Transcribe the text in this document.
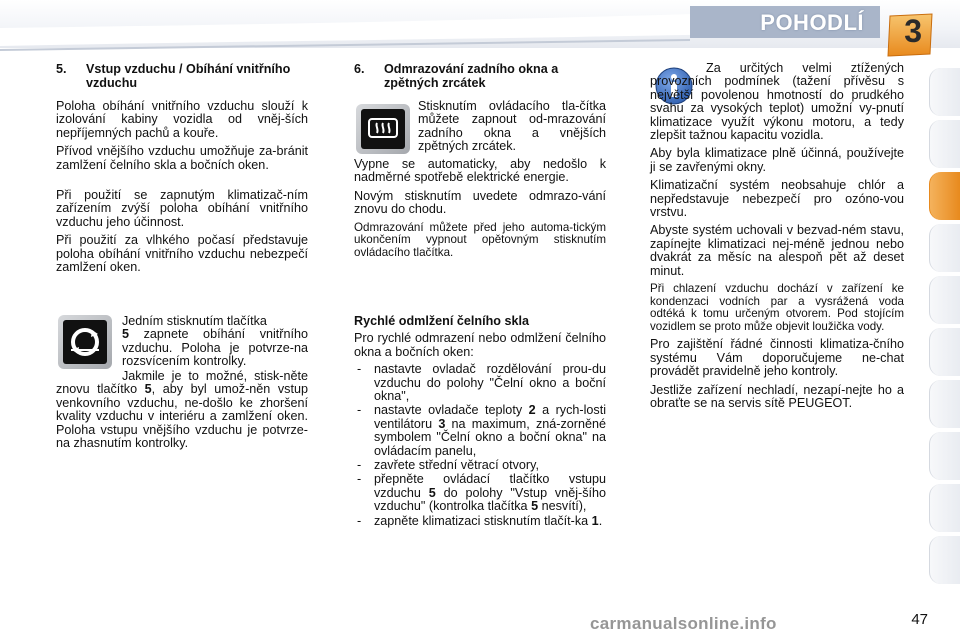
POHODLÍ 3
5.	Vstup vzduchu / Obíhání vnitřního vzduchu

Poloha obíhání vnitřního vzduchu slouží k izolování kabiny vozidla od vněj-ších nepříjemných pachů a kouře.

Přívod vnějšího vzduchu umožňuje za-bránit zamlžení čelního skla a bočních oken.

Při použití se zapnutým klimatizač-ním zařízením zvýší poloha obíhání vnitřního vzduchu jeho účinnost.

Při použití za vlhkého počasí představuje poloha obíhání vnitřního vzduchu nebezpečí zamlžení oken.

Jedním stisknutím tlačítka
5 zapnete obíhání vnitřního vzduchu. Poloha je potvrze-na rozsvícením kontrolky.

Jakmile je to možné, stisk-něte znovu tlačítko 5, aby byl umož-něn vstup venkovního vzduchu, ne-došlo ke zhoršení kvality vzduchu v interiéru a zamlžení oken. Poloha vstupu vnějšího vzduchu je potvrze-na zhasnutím kontrolky.

6.	Odmrazování zadního okna a zpětných zrcátek

Stisknutím ovládacího tla-čítka můžete zapnout od-mrazování zadního okna a vnějších zpětných zrcátek.

Vypne se automaticky, aby nedošlo k nadměrné spotřebě elektrické energie.

Novým stisknutím uvedete odmrazo-vání znovu do chodu.

Odmrazování můžete před jeho automa-tickým ukončením vypnout opětovným stisknutím ovládacího tlačítka.

Rychlé odmlžení čelního skla

Pro rychlé odmrazení nebo odmlžení čelního okna a bočních oken:

- nastavte ovladač rozdělování prou-du vzduchu do polohy "Čelní okno a boční okna",
- nastavte ovladače teploty 2 a rych-losti ventilátoru 3 na maximum, zná-zorněné symbolem "Čelní okno a boční okna" na ovládacím panelu,
- zavřete střední větrací otvory,
- přepněte ovládací tlačítko vstupu vzduchu 5 do polohy "Vstup vněj-šího vzduchu" (kontrolka tlačítka 5 nesvítí),
- zapněte klimatizaci stisknutím tlačít-ka 1.

Za určitých velmi ztížených provozních podmínek (tažení přívěsu s největší povolenou hmotností do prudkého svahu za vysokých teplot) umožní vy-pnutí klimatizace využít výkonu motoru, a tedy zlepšit tažnou kapacitu vozidla.

Aby byla klimatizace plně účinná, používejte ji se zavřenými okny.

Klimatizační systém neobsahuje chlór a nepředstavuje nebezpečí pro ozóno-vou vrstvu.

Abyste systém uchovali v bezvad-ném stavu, zapínejte klimatizaci nej-méně jednou nebo dvakrát za měsíc na alespoň pět až deset minut.

Při chlazení vzduchu dochází v zařízení ke kondenzaci vodních par a vysrážená voda odtéká k tomu určeným otvorem. Pod stojícím vozidlem se proto může objevit loužička vody.

Pro zajištění řádné činnosti klimatiza-čního systému Vám doporučujeme ne-chat provádět pravidelně jeho kontroly.

Jestliže zařízení nechladí, nezapí-nejte ho a obraťte se na servis sítě PEUGEOT.

carmanualsonline.info	47
